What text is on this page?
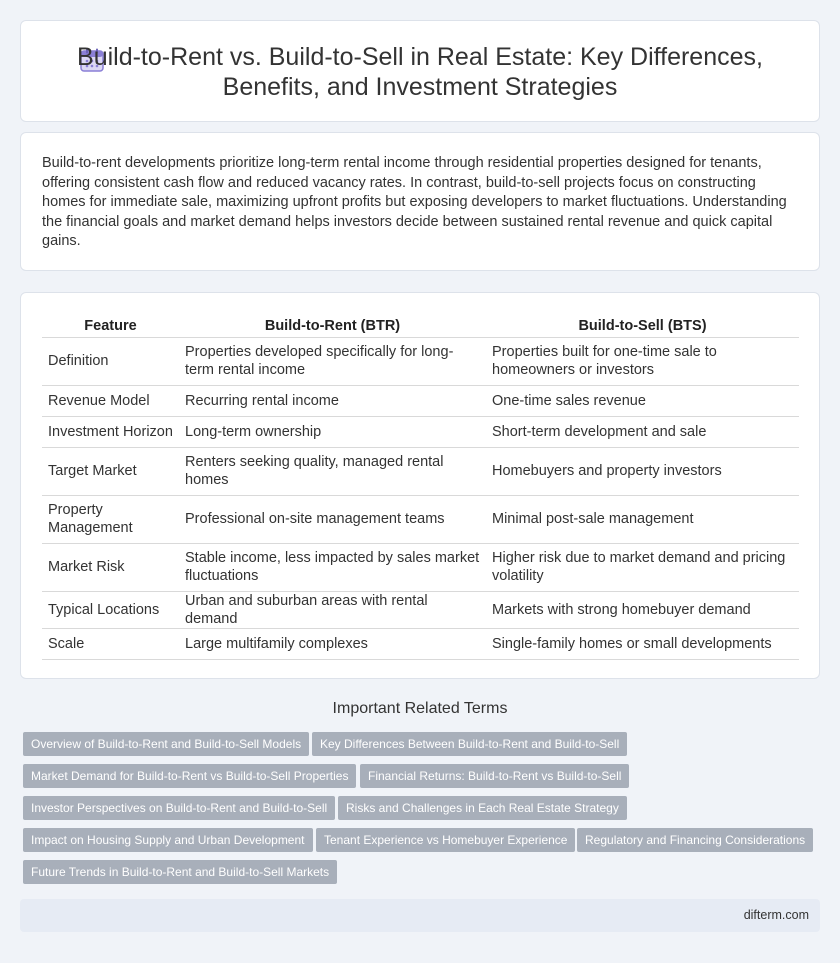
Build-to-Rent vs. Build-to-Sell in Real Estate: Key Differences,
Benefits, and Investment Strategies

Build-to-rent developments prioritize long-term rental income through residential properties designed for tenants, offering consistent cash flow and reduced vacancy rates. In contrast, build-to-sell projects focus on constructing homes for immediate sale, maximizing upfront profits but exposing developers to market fluctuations. Understanding the financial goals and market demand helps investors decide between sustained rental revenue and quick capital gains.

Feature	Build-to-Rent (BTR)	Build-to-Sell (BTS)
Definition	Properties developed specifically for long-term rental income	Properties built for one-time sale to homeowners or investors
Revenue Model	Recurring rental income	One-time sales revenue
Investment Horizon	Long-term ownership	Short-term development and sale
Target Market	Renters seeking quality, managed rental homes	Homebuyers and property investors
Property Management	Professional on-site management teams	Minimal post-sale management
Market Risk	Stable income, less impacted by sales market fluctuations	Higher risk due to market demand and pricing volatility
Typical Locations	Urban and suburban areas with rental demand	Markets with strong homebuyer demand
Scale	Large multifamily complexes	Single-family homes or small developments
Important Related Terms
Overview of Build-to-Rent and Build-to-Sell Models	Key Differences Between Build-to-Rent and Build-to-Sell
Market Demand for Build-to-Rent vs Build-to-Sell Properties	Financial Returns: Build-to-Rent vs Build-to-Sell
Investor Perspectives on Build-to-Rent and Build-to-Sell	Risks and Challenges in Each Real Estate Strategy
Impact on Housing Supply and Urban Development	Tenant Experience vs Homebuyer Experience	Regulatory and Financing Considerations
Future Trends in Build-to-Rent and Build-to-Sell Markets
difterm.com
